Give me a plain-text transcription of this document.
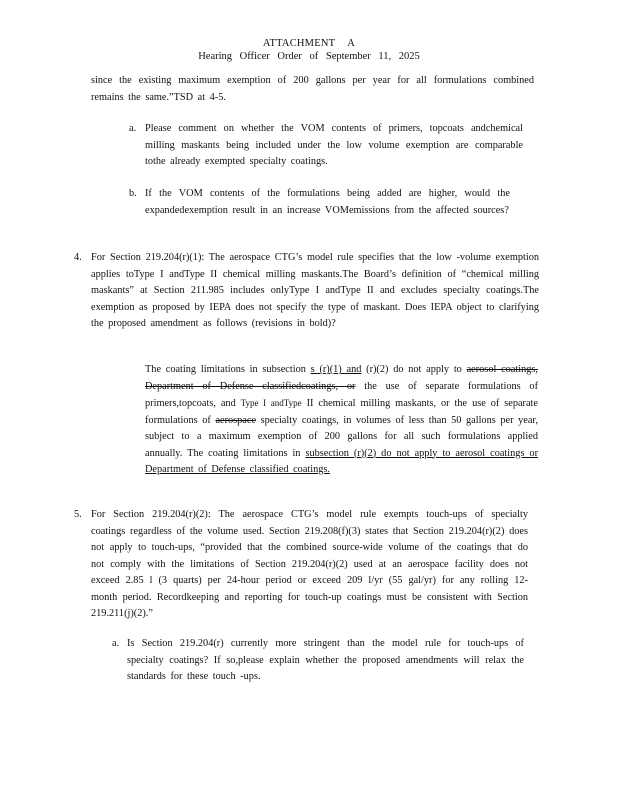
ATTACHMENT A
Hearing Officer Order of September 11, 2025

since the existing maximum exemption of 200 gallons per year for all formulations combined remains the same.”TSD at 4-5.

a. Please comment on whether the VOM contents of primers, topcoats andchemical milling maskants being included under the low volume exemption are comparable tothe already exempted specialty coatings.

b. If the VOM contents of the formulations being added are higher, would the expandedexemption result in an increase VOMemissions from the affected sources?

4. For Section 219.204(r)(1): The aerospace CTG’s model rule specifies that the low -volume exemption applies toType I andType II chemical milling maskants.The Board’s definition of “chemical milling maskants” at Section 211.985 includes onlyType I andType II and excludes specialty coatings.The exemption as proposed by IEPA does not specify the type of maskant. Does IEPA object to clarifying the proposed amendment as follows (revisions in bold)?

The coating limitations in subsection s (r)(1) and (r)(2) do not apply to aerosol coatings, Department of Defense classifiedcoatings, or the use of separate formulations of primers,topcoats, and Type I andType II chemical milling maskants, or the use of separate formulations of aerospace specialty coatings, in volumes of less than 50 gallons per year, subject to a maximum exemption of 200 gallons for all such formulations applied annually. The coating limitations in subsection (r)(2) do not apply to aerosol coatings or Department of Defense classified coatings.

5. For Section 219.204(r)(2): The aerospace CTG’s model rule exempts touch-ups of specialty coatings regardless of the volume used. Section 219.208(f)(3) states that Section 219.204(r)(2) does not apply to touch-ups, “provided that the combined source-wide volume of the coatings that do not comply with the limitations of Section 219.204(r)(2) used at an aerospace facility does not exceed 2.85 l (3 quarts) per 24-hour period or exceed 209 l/yr (55 gal/yr) for any rolling 12-month period. Recordkeeping and reporting for touch-up coatings must be consistent with Section 219.211(j)(2).”

a. Is Section 219.204(r) currently more stringent than the model rule for touch-ups of specialty coatings? If so,please explain whether the proposed amendments will relax the standards for these touch -ups.
